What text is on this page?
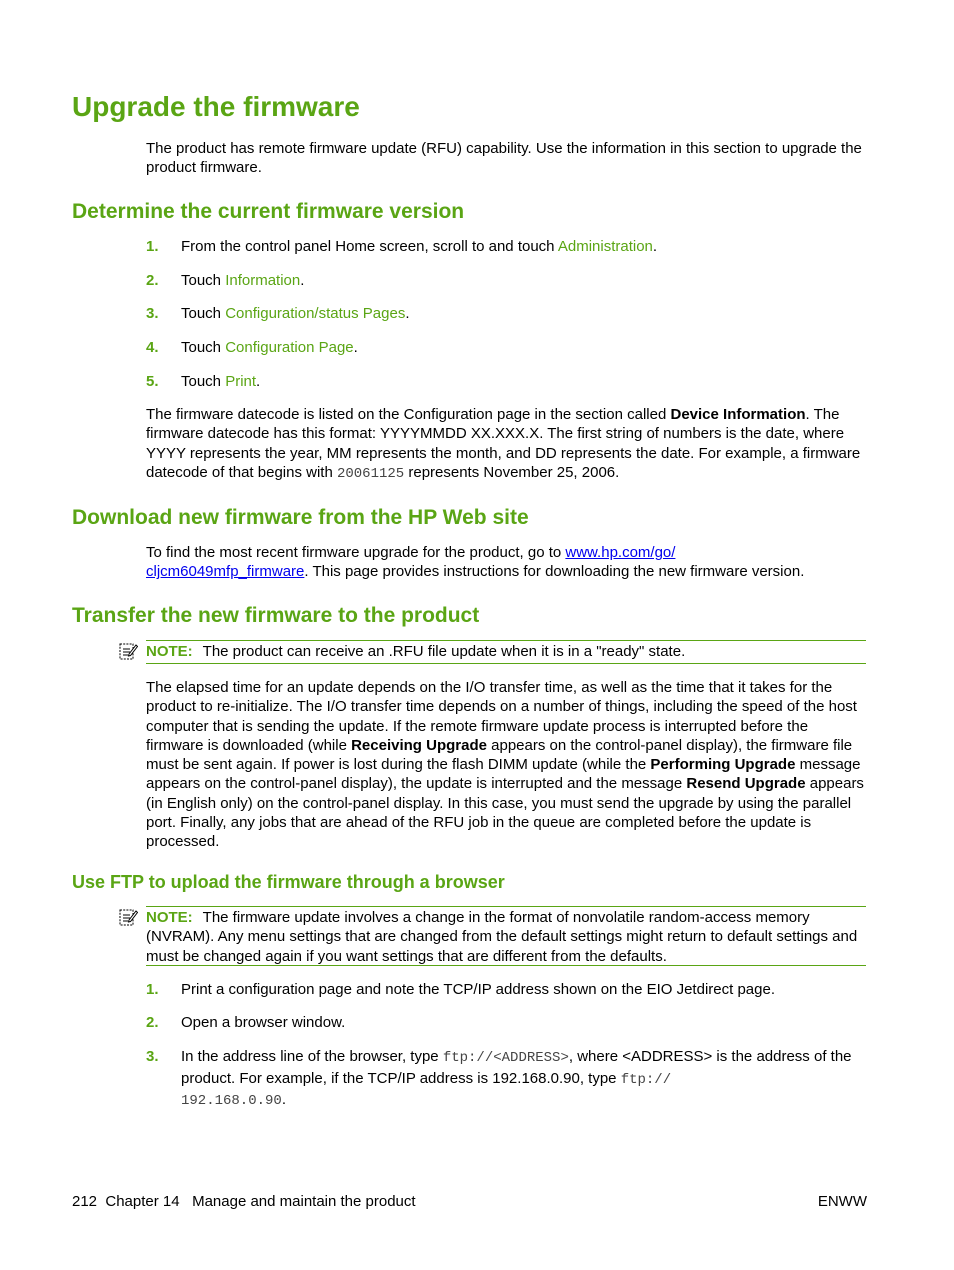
Upgrade the firmware

The product has remote firmware update (RFU) capability. Use the information in this section to upgrade the product firmware.

Determine the current firmware version
1. From the control panel Home screen, scroll to and touch Administration.
2. Touch Information.
3. Touch Configuration/status Pages.
4. Touch Configuration Page.
5. Touch Print.

The firmware datecode is listed on the Configuration page in the section called Device Information. The firmware datecode has this format: YYYYMMDD XX.XXX.X. The first string of numbers is the date, where YYYY represents the year, MM represents the month, and DD represents the date. For example, a firmware datecode of that begins with 20061125 represents November 25, 2006.

Download new firmware from the HP Web site

To find the most recent firmware upgrade for the product, go to www.hp.com/go/
cljcm6049mfp_firmware. This page provides instructions for downloading the new firmware version.

Transfer the new firmware to the product
NOTE: The product can receive an .RFU file update when it is in a "ready" state.

The elapsed time for an update depends on the I/O transfer time, as well as the time that it takes for the product to re-initialize. The I/O transfer time depends on a number of things, including the speed of the host computer that is sending the update. If the remote firmware update process is interrupted before the firmware is downloaded (while Receiving Upgrade appears on the control-panel display), the firmware file must be sent again. If power is lost during the flash DIMM update (while the Performing Upgrade message appears on the control-panel display), the update is interrupted and the message Resend Upgrade appears (in English only) on the control-panel display. In this case, you must send the upgrade by using the parallel port. Finally, any jobs that are ahead of the RFU job in the queue are completed before the update is processed.

Use FTP to upload the firmware through a browser
NOTE: The firmware update involves a change in the format of nonvolatile random-access memory (NVRAM). Any menu settings that are changed from the default settings might return to default settings and must be changed again if you want settings that are different from the defaults.
1. Print a configuration page and note the TCP/IP address shown on the EIO Jetdirect page.
2. Open a browser window.
3. In the address line of the browser, type ftp://<ADDRESS>, where <ADDRESS> is the address of the product. For example, if the TCP/IP address is 192.168.0.90, type ftp://
192.168.0.90.
212  Chapter 14   Manage and maintain the product	ENWW
